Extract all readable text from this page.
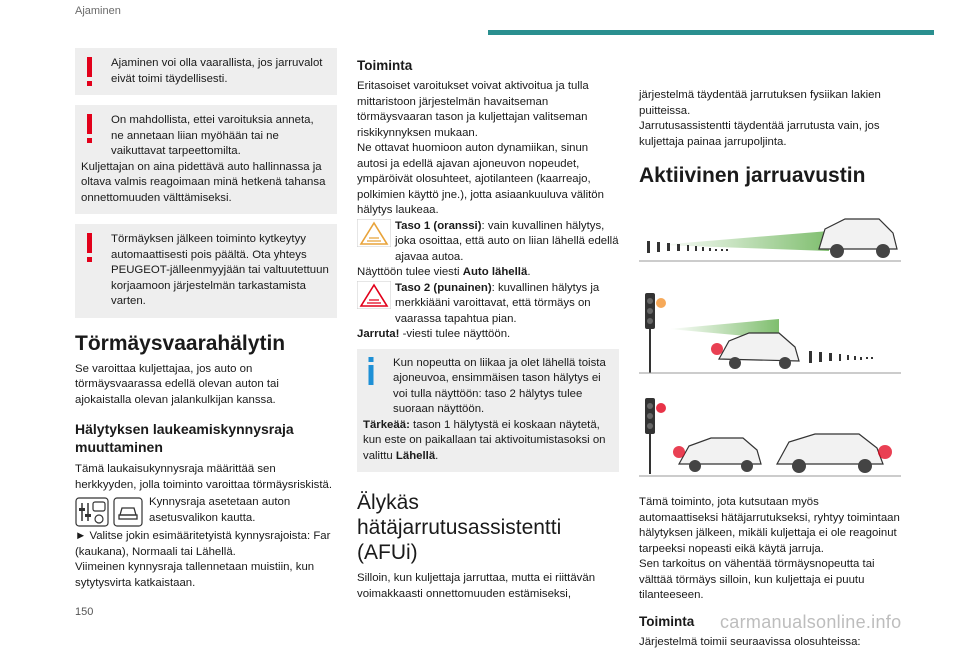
Ajaminen
Ajaminen voi olla vaarallista, jos jarruvalot eivät toimi täydellisesti.
On mahdollista, ettei varoituksia anneta, ne annetaan liian myöhään tai ne vaikuttavat tarpeettomilta.
Kuljettajan on aina pidettävä auto hallinnassa ja oltava valmis reagoimaan minä hetkenä tahansa onnettomuuden välttämiseksi.
Törmäyksen jälkeen toiminto kytkeytyy automaattisesti pois päältä. Ota yhteys PEUGEOT-jälleenmyyjään tai valtuutettuun korjaamoon järjestelmän tarkastamista varten.
Törmäysvaarahälytin

Se varoittaa kuljettajaa, jos auto on törmäysvaarassa edellä olevan auton tai ajokaistalla olevan jalankulkijan kanssa.

Hälytyksen laukeamiskynnysraja muuttaminen

Tämä laukaisukynnysraja määrittää sen herkkyyden, jolla toiminto varoittaa törmäysriskistä.

Kynnysraja asetetaan auton asetusvalikon kautta.

► Valitse jokin esimääritetyistä kynnysrajoista: Far (kaukana), Normaali tai Lähellä.

Viimeinen kynnysraja tallennetaan muistiin, kun sytytysvirta katkaistaan.

Toiminta

Eritasoiset varoitukset voivat aktivoitua ja tulla mittaristoon järjestelmän havaitseman törmäysvaaran tason ja kuljettajan valitseman riskikynnyksen mukaan.

Ne ottavat huomioon auton dynamiikan, sinun autosi ja edellä ajavan ajoneuvon nopeudet, ympäröivät olosuhteet, ajotilanteen (kaarreajo, polkimien käyttö jne.), jotta asiaankuuluva välitön hälytys laukeaa.

Taso 1 (oranssi): vain kuvallinen hälytys, joka osoittaa, että auto on liian lähellä edellä ajavaa autoa.

Näyttöön tulee viesti Auto lähellä.

Taso 2 (punainen): kuvallinen hälytys ja merkkiääni varoittavat, että törmäys on vaarassa tapahtua pian.

Jarruta! -viesti tulee näyttöön.

Kun nopeutta on liikaa ja olet lähellä toista ajoneuvoa, ensimmäisen tason hälytys ei voi tulla näyttöön: taso 2 hälytys tulee suoraan näyttöön.
Tärkeää: tason 1 hälytystä ei koskaan näytetä, kun este on paikallaan tai aktivoitumistasoksi on valittu Lähellä.
Älykäs hätäjarrutusassistentti (AFUi)

Silloin, kun kuljettaja jarruttaa, mutta ei riittävän voimakkaasti onnettomuuden estämiseksi,

järjestelmä täydentää jarrutuksen fysiikan lakien puitteissa.

Jarrutusassistentti täydentää jarrutusta vain, jos kuljettaja painaa jarrupoljinta.

Aktiivinen jarruavustin

Tämä toiminto, jota kutsutaan myös automaattiseksi hätäjarrutukseksi, ryhtyy toimintaan hälytyksen jälkeen, mikäli kuljettaja ei ole reagoinut tarpeeksi nopeasti eikä käytä jarruja.

Sen tarkoitus on vähentää törmäysnopeutta tai välttää törmäys silloin, kun kuljettaja ei puutu tilanteeseen.

Toiminta

Järjestelmä toimii seuraavissa olosuhteissa:

150	carmanualsonline.info
